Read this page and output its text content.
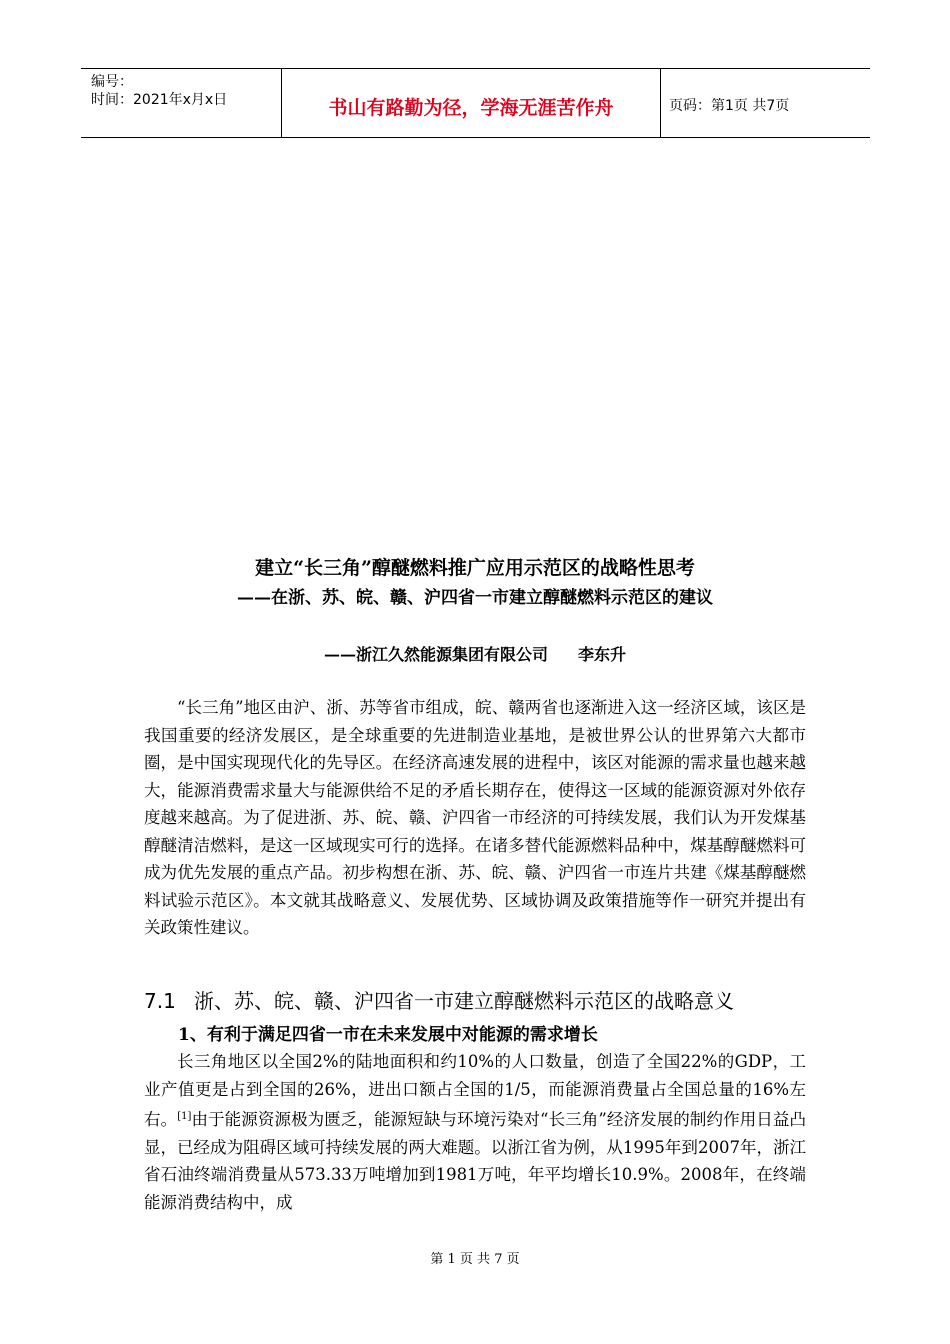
编号：
时间：2021年x月x日	书山有路勤为径，学海无涯苦作舟	页码：第1页 共7页
建立“长三角”醇醚燃料推广应用示范区的战略性思考
——在浙、苏、皖、赣、沪四省一市建立醇醚燃料示范区的建议
——浙江久然能源集团有限公司 李东升

“长三角”地区由沪、浙、苏等省市组成，皖、赣两省也逐渐进入这一经济区域，该区是我国重要的经济发展区，是全球重要的先进制造业基地，是被世界公认的世界第六大都市圈，是中国实现现代化的先导区。在经济高速发展的进程中，该区对能源的需求量也越来越大，能源消费需求量大与能源供给不足的矛盾长期存在，使得这一区域的能源资源对外依存度越来越高。为了促进浙、苏、皖、赣、沪四省一市经济的可持续发展，我们认为开发煤基醇醚清洁燃料，是这一区域现实可行的选择。在诸多替代能源燃料品种中，煤基醇醚燃料可成为优先发展的重点产品。初步构想在浙、苏、皖、赣、沪四省一市连片共建《煤基醇醚燃料试验示范区》。本文就其战略意义、发展优势、区域协调及政策措施等作一研究并提出有关政策性建议。

7.1 浙、苏、皖、赣、沪四省一市建立醇醚燃料示范区的战略意义
1、有利于满足四省一市在未来发展中对能源的需求增长

长三角地区以全国2%的陆地面积和约10%的人口数量，创造了全国22%的GDP，工业产值更是占到全国的26%，进出口额占全国的1/5，而能源消费量占全国总量的16%左右。[1]由于能源资源极为匮乏，能源短缺与环境污染对“长三角”经济发展的制约作用日益凸显，已经成为阻碍区域可持续发展的两大难题。以浙江省为例，从1995年到2007年，浙江省石油终端消费量从573.33万吨增加到1981万吨，年平均增长10.9%。2008年，在终端能源消费结构中，成

第 1 页 共 7 页
